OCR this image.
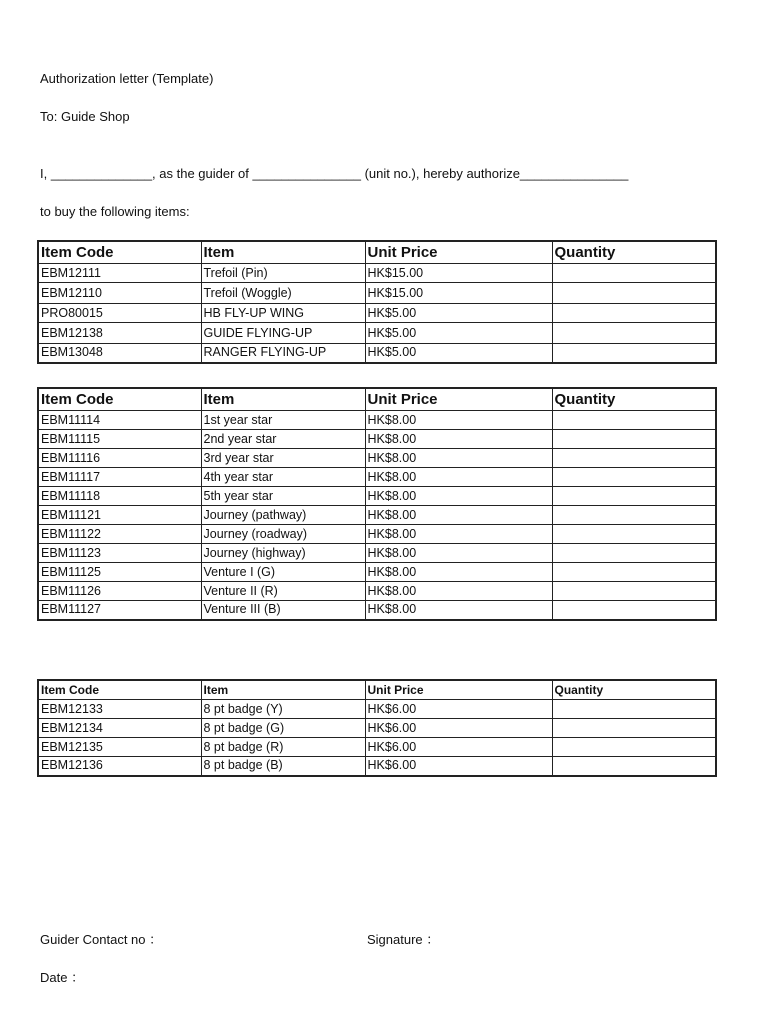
Authorization letter (Template)
To: Guide Shop
I, ______________, as the guider of _______________ (unit no.), hereby authorize_______________
to buy the following items:
Item Code	Item	Unit Price	Quantity
EBM12111	Trefoil (Pin)	HK$15.00	
EBM12110	Trefoil (Woggle)	HK$15.00	
PRO80015	HB FLY-UP WING	HK$5.00	
EBM12138	GUIDE FLYING-UP	HK$5.00	
EBM13048	RANGER FLYING-UP	HK$5.00	
Item Code	Item	Unit Price	Quantity
EBM11114	1st year star	HK$8.00	
EBM11115	2nd year star	HK$8.00	
EBM11116	3rd year star	HK$8.00	
EBM11117	4th year star	HK$8.00	
EBM11118	5th year star	HK$8.00	
EBM11121	Journey (pathway)	HK$8.00	
EBM11122	Journey (roadway)	HK$8.00	
EBM11123	Journey (highway)	HK$8.00	
EBM11125	Venture I (G)	HK$8.00	
EBM11126	Venture II (R)	HK$8.00	
EBM11127	Venture III (B)	HK$8.00	
Item Code	Item	Unit Price	Quantity
EBM12133	8 pt badge (Y)	HK$6.00	
EBM12134	8 pt badge (G)	HK$6.00	
EBM12135	8 pt badge (R)	HK$6.00	
EBM12136	8 pt badge (B)	HK$6.00	
Guider Contact no ：	Signature ：
Date ：
